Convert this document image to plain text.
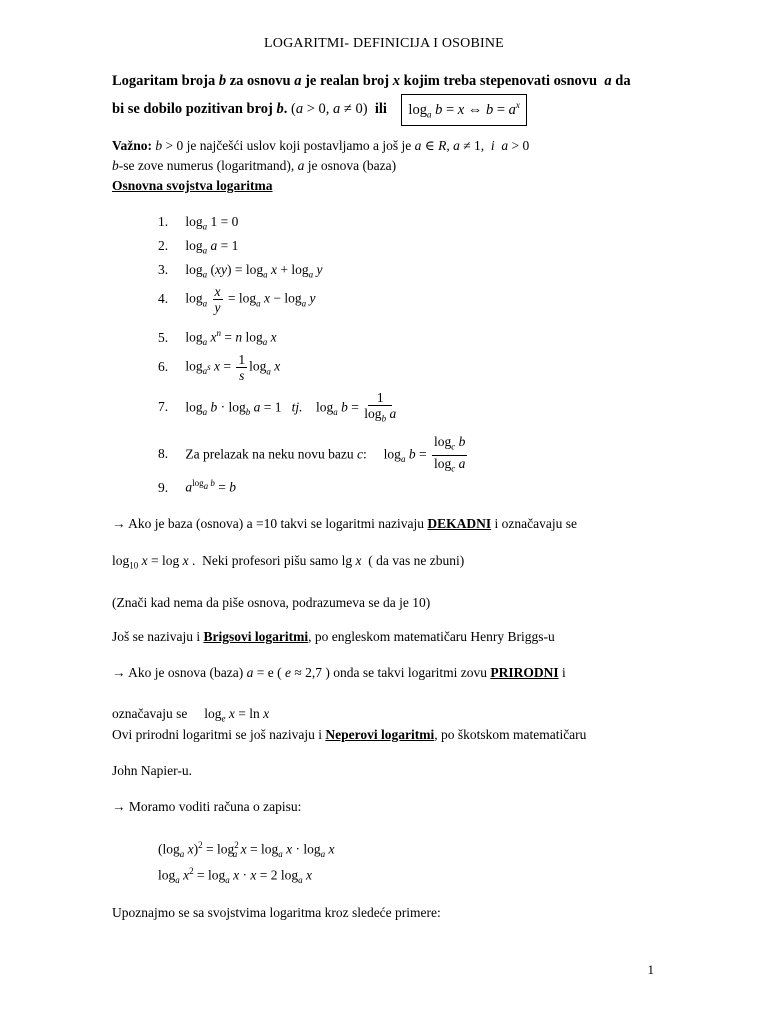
LOGARITMI- DEFINICIJA I OSOBINE
Logaritam broja b za osnovu a je realan broj x kojim treba stepenovati osnovu  a da
bi se dobilo pozitivan broj b. (a > 0, a ≠ 0) ili $\log_a b = x$ ⇔ $b = a^x$
Važno: b > 0 je najčešći uslov koji postavljamo a još je a ∈ R, a ≠ 1,  i a > 0
b-se zove numerus (logaritmand), a je osnova (baza)
Osnovna svojstva logaritma
1. $\log_a 1 = 0$
2. $\log_a a = 1$
3. $\log_a (xy) = \log_a x + \log_a y$
4. $\log_a \frac{x}{y} = \log_a x - \log_a y$
5. $\log_a x^n = n$ $\log_a x$
6. $\log_{a^s} x = \frac{1}{s} \log_a x$
7. $\log_a b \cdot \log_b a = 1$   tj.    $\log_a b = \frac{1}{\log_b a}$
8. Za prelazak na neku novu bazu c:     $\log_a b = \frac{\log_c b}{\log_c a}$
9. $a^{log_a b} = b$
→ Ako je baza (osnova) a =10 takvi se logaritmi nazivaju DEKADNI i označavaju se
$\log_{10} x = \log x$ .  Neki profesori pišu samo lg x  ( da vas ne zbuni)
(Znači kad nema da piše osnova, podrazumeva se da je 10)
Još se nazivaju i Brigsovi logaritmi, po engleskom matematičaru Henry Briggs-u
→ Ako je osnova (baza) a = e ( e ≈ 2,7 ) onda se takvi logaritmi zovu PRIRODNI i
označavaju se     $\log_e x = \ln x$
Ovi prirodni logaritmi se još nazivaju i Neperovi logaritmi, po škotskom matematičaru
John Napier-u.
→ Moramo voditi računa o zapisu:
($\log_a$ $x)^2 = \log^2_a x = \log_a x \cdot \log_a x$
$\log_a x^2 = \log_a x \cdot x = 2$ $\log_a x$
Upoznajmo se sa svojstvima logaritma kroz sledeće primere:
1
